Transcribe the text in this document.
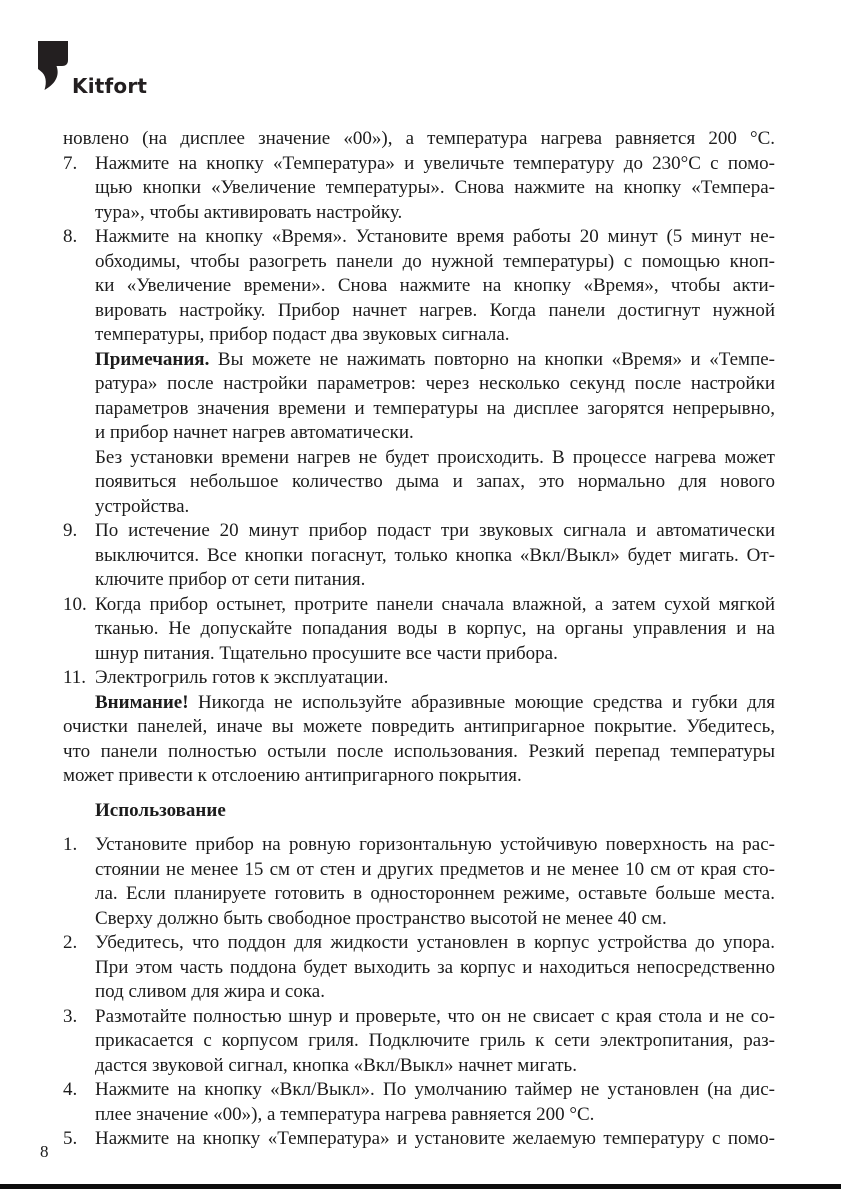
Kitfort
новлено (на дисплее значение «00»), а температура нагрева равняется 200 °C.
7. Нажмите на кнопку «Температура» и увеличьте температуру до 230°С с помо-
щью кнопки «Увеличение температуры». Снова нажмите на кнопку «Темпера-
тура», чтобы активировать настройку.
8. Нажмите на кнопку «Время». Установите время работы 20 минут (5 минут не-
обходимы, чтобы разогреть панели до нужной температуры) с помощью кноп-
ки «Увеличение времени». Снова нажмите на кнопку «Время», чтобы акти-
вировать настройку. Прибор начнет нагрев. Когда панели достигнут нужной
температуры, прибор подаст два звуковых сигнала.
Примечания. Вы можете не нажимать повторно на кнопки «Время» и «Темпе-
ратура» после настройки параметров: через несколько секунд после настройки
параметров значения времени и температуры на дисплее загорятся непрерывно,
и прибор начнет нагрев автоматически.
Без установки времени нагрев не будет происходить. В процессе нагрева может
появиться небольшое количество дыма и запах, это нормально для нового
устройства.
9. По истечение 20 минут прибор подаст три звуковых сигнала и автоматически
выключится. Все кнопки погаснут, только кнопка «Вкл/Выкл» будет мигать. От-
ключите прибор от сети питания.
10. Когда прибор остынет, протрите панели сначала влажной, а затем сухой мягкой
тканью. Не допускайте попадания воды в корпус, на органы управления и на
шнур питания. Тщательно просушите все части прибора.
11. Электрогриль готов к эксплуатации.
Внимание! Никогда не используйте абразивные моющие средства и губки для
очистки панелей, иначе вы можете повредить антипригарное покрытие. Убедитесь,
что панели полностью остыли после использования. Резкий перепад температуры
может привести к отслоению антипригарного покрытия.
Использование
1. Установите прибор на ровную горизонтальную устойчивую поверхность на рас-
стоянии не менее 15 см от стен и других предметов и не менее 10 см от края сто-
ла. Если планируете готовить в одностороннем режиме, оставьте больше места.
Сверху должно быть свободное пространство высотой не менее 40 см.
2. Убедитесь, что поддон для жидкости установлен в корпус устройства до упора.
При этом часть поддона будет выходить за корпус и находиться непосредственно
под сливом для жира и сока.
3. Размотайте полностью шнур и проверьте, что он не свисает с края стола и не со-
прикасается с корпусом гриля. Подключите гриль к сети электропитания, раз-
дастся звуковой сигнал, кнопка «Вкл/Выкл» начнет мигать.
4. Нажмите на кнопку «Вкл/Выкл». По умолчанию таймер не установлен (на дис-
плее значение «00»), а температура нагрева равняется 200 °C.
5. Нажмите на кнопку «Температура» и установите желаемую температуру с помо-
8
